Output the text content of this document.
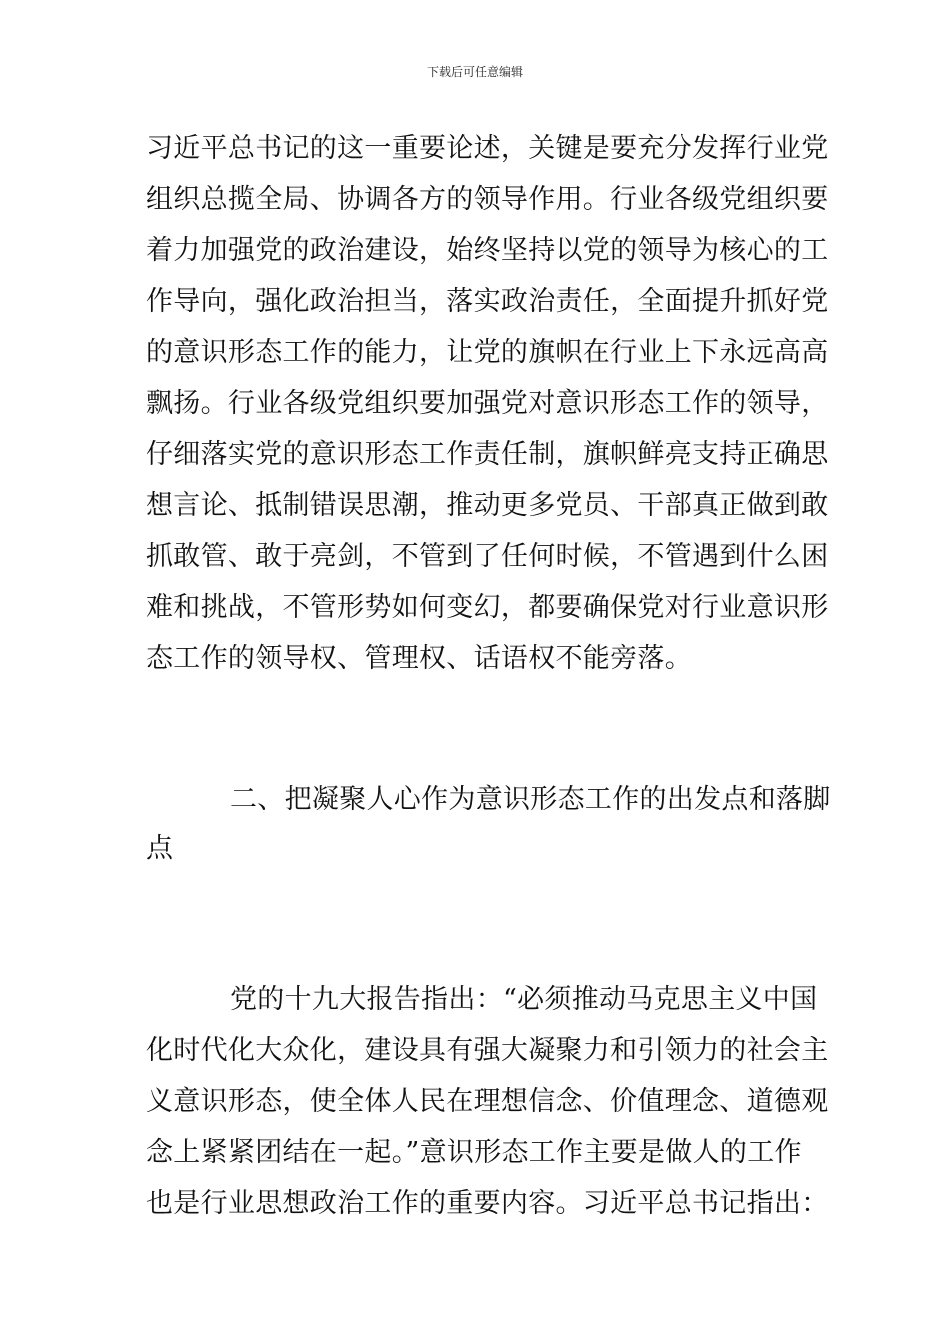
下载后可任意编辑
习近平总书记的这一重要论述，关键是要充分发挥行业党
组织总揽全局、协调各方的领导作用。行业各级党组织要
着力加强党的政治建设，始终坚持以党的领导为核心的工
作导向，强化政治担当，落实政治责任，全面提升抓好党
的意识形态工作的能力，让党的旗帜在行业上下永远高高
飘扬。行业各级党组织要加强党对意识形态工作的领导，
仔细落实党的意识形态工作责任制，旗帜鲜亮支持正确思
想言论、抵制错误思潮，推动更多党员、干部真正做到敢
抓敢管、敢于亮剑，不管到了任何时候，不管遇到什么困
难和挑战，不管形势如何变幻，都要确保党对行业意识形
态工作的领导权、管理权、话语权不能旁落。
二、把凝聚人心作为意识形态工作的出发点和落脚
点
党的十九大报告指出：“必须推动马克思主义中国
化时代化大众化，建设具有强大凝聚力和引领力的社会主
义意识形态，使全体人民在理想信念、价值理念、道德观
念上紧紧团结在一起。”意识形态工作主要是做人的工作
也是行业思想政治工作的重要内容。习近平总书记指出：
